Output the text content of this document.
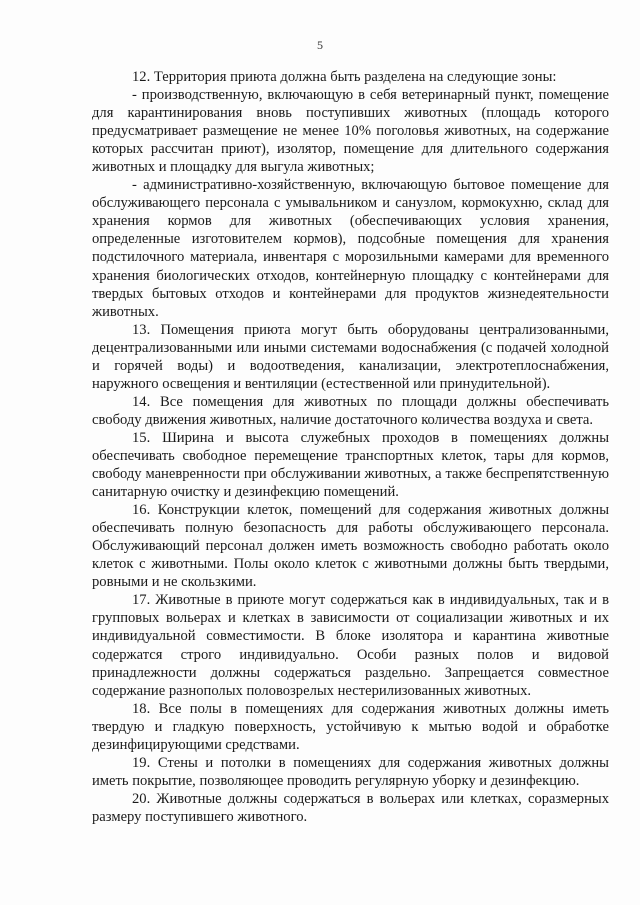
5

12. Территория приюта должна быть разделена на следующие зоны:

- производственную, включающую в себя ветеринарный пункт, помещение для карантинирования вновь поступивших животных (площадь которого предусматривает размещение не менее 10% поголовья животных, на содержание которых рассчитан приют), изолятор, помещение для длительного содержания животных и площадку для выгула животных;

- административно-хозяйственную, включающую бытовое помещение для обслуживающего персонала с умывальником и санузлом, кормокухню, склад для хранения кормов для животных (обеспечивающих условия хранения, определенные изготовителем кормов), подсобные помещения для хранения подстилочного материала, инвентаря с морозильными камерами для временного хранения биологических отходов, контейнерную площадку с контейнерами для твердых бытовых отходов и контейнерами для продуктов жизнедеятельности животных.

13. Помещения приюта могут быть оборудованы централизованными, децентрализованными или иными системами водоснабжения (с подачей холодной и горячей воды) и водоотведения, канализации, электротеплоснабжения, наружного освещения и вентиляции (естественной или принудительной).

14. Все помещения для животных по площади должны обеспечивать свободу движения животных, наличие достаточного количества воздуха и света.

15. Ширина и высота служебных проходов в помещениях должны обеспечивать свободное перемещение транспортных клеток, тары для кормов, свободу маневренности при обслуживании животных, а также беспрепятственную санитарную очистку и дезинфекцию помещений.

16. Конструкции клеток, помещений для содержания животных должны обеспечивать полную безопасность для работы обслуживающего персонала. Обслуживающий персонал должен иметь возможность свободно работать около клеток с животными. Полы около клеток с животными должны быть твердыми, ровными и не скользкими.

17. Животные в приюте могут содержаться как в индивидуальных, так и в групповых вольерах и клетках в зависимости от социализации животных и их индивидуальной совместимости. В блоке изолятора и карантина животные содержатся строго индивидуально. Особи разных полов и видовой принадлежности должны содержаться раздельно. Запрещается совместное содержание разнополых половозрелых нестерилизованных животных.

18. Все полы в помещениях для содержания животных должны иметь твердую и гладкую поверхность, устойчивую к мытью водой и обработке дезинфицирующими средствами.

19. Стены и потолки в помещениях для содержания животных должны иметь покрытие, позволяющее проводить регулярную уборку и дезинфекцию.

20. Животные должны содержаться в вольерах или клетках, соразмерных размеру поступившего животного.
